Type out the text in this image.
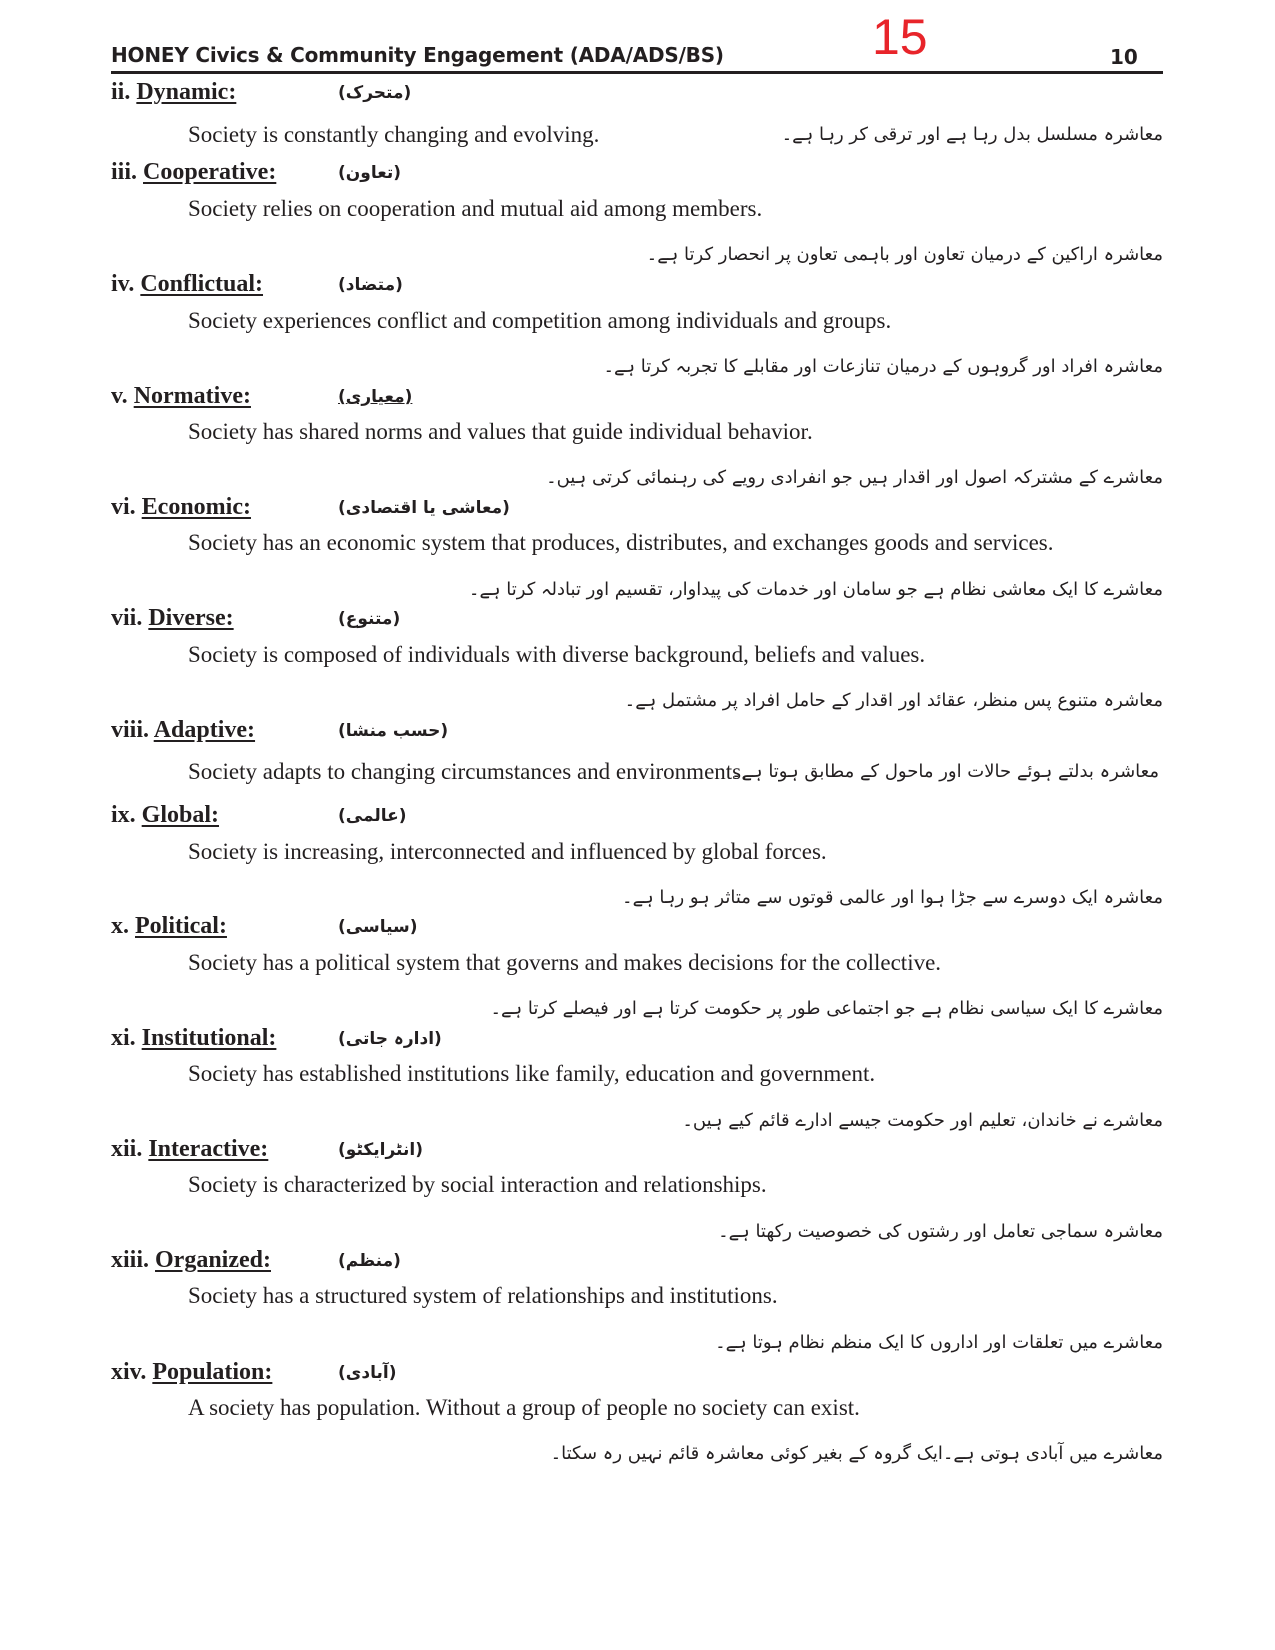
HONEY Civics & Community Engagement (ADA/ADS/BS)	15	10
ii. Dynamic:	(متحرک)
Society is constantly changing and evolving.	معاشرہ مسلسل بدل رہا ہے اور ترقی کر رہا ہے۔
iii. Cooperative:	(تعاون)
Society relies on cooperation and mutual aid among members.
معاشرہ اراکین کے درمیان تعاون اور باہمی تعاون پر انحصار کرتا ہے۔
iv. Conflictual:	(متضاد)
Society experiences conflict and competition among individuals and groups.
معاشرہ افراد اور گروہوں کے درمیان تنازعات اور مقابلے کا تجربہ کرتا ہے۔
v. Normative:	(معیاری)
Society has shared norms and values that guide individual behavior.
معاشرے کے مشترکہ اصول اور اقدار ہیں جو انفرادی رویے کی رہنمائی کرتی ہیں۔
vi. Economic:	(معاشی یا اقتصادی)
Society has an economic system that produces, distributes, and exchanges goods and services.
معاشرے کا ایک معاشی نظام ہے جو سامان اور خدمات کی پیداوار، تقسیم اور تبادلہ کرتا ہے۔
vii. Diverse:	(متنوع)
Society is composed of individuals with diverse background, beliefs and values.
معاشرہ متنوع پس منظر، عقائد اور اقدار کے حامل افراد پر مشتمل ہے۔
viii. Adaptive:	(حسب منشا)
Society adapts to changing circumstances and environments.
معاشرہ بدلتے ہوئے حالات اور ماحول کے مطابق ہوتا ہے۔
ix. Global:	(عالمی)
Society is increasing, interconnected and influenced by global forces.
معاشرہ ایک دوسرے سے جڑا ہوا اور عالمی قوتوں سے متاثر ہو رہا ہے۔
x. Political:	(سیاسی)
Society has a political system that governs and makes decisions for the collective.
معاشرے کا ایک سیاسی نظام ہے جو اجتماعی طور پر حکومت کرتا ہے اور فیصلے کرتا ہے۔
xi. Institutional:	(ادارہ جاتی)
Society has established institutions like family, education and government.
معاشرے نے خاندان، تعلیم اور حکومت جیسے ادارے قائم کیے ہیں۔
xii. Interactive:	(انٹرایکٹو)
Society is characterized by social interaction and relationships.
معاشرہ سماجی تعامل اور رشتوں کی خصوصیت رکھتا ہے۔
xiii. Organized:	(منظم)
Society has a structured system of relationships and institutions.
معاشرے میں تعلقات اور اداروں کا ایک منظم نظام ہوتا ہے۔
xiv. Population:	(آبادی)
A society has population. Without a group of people no society can exist.
معاشرے میں آبادی ہوتی ہے۔ایک گروہ کے بغیر کوئی معاشرہ قائم نہیں رہ سکتا۔
